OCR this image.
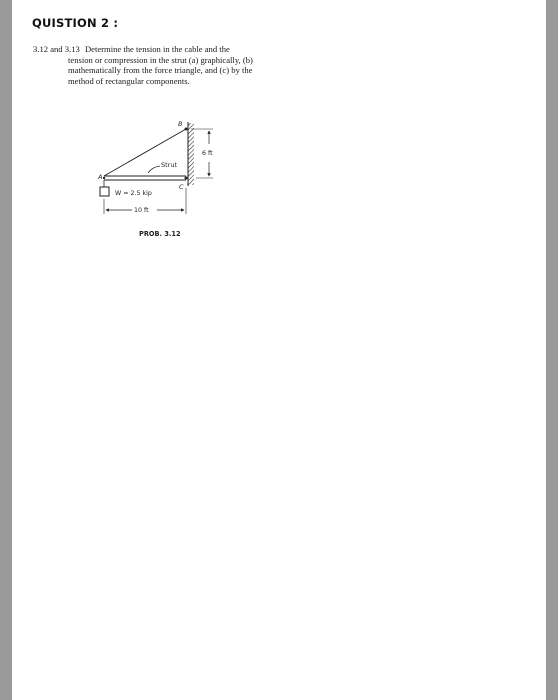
QUISTION 2 :
3.12 and 3.13 Determine the tension in the cable and the
tension or compression in the strut (a) graphically, (b)
mathematically from the force triangle, and (c) by the
method of rectangular components.
Strut
A
B
C
W = 2.5 kip
6 ft
10 ft
PROB. 3.12
